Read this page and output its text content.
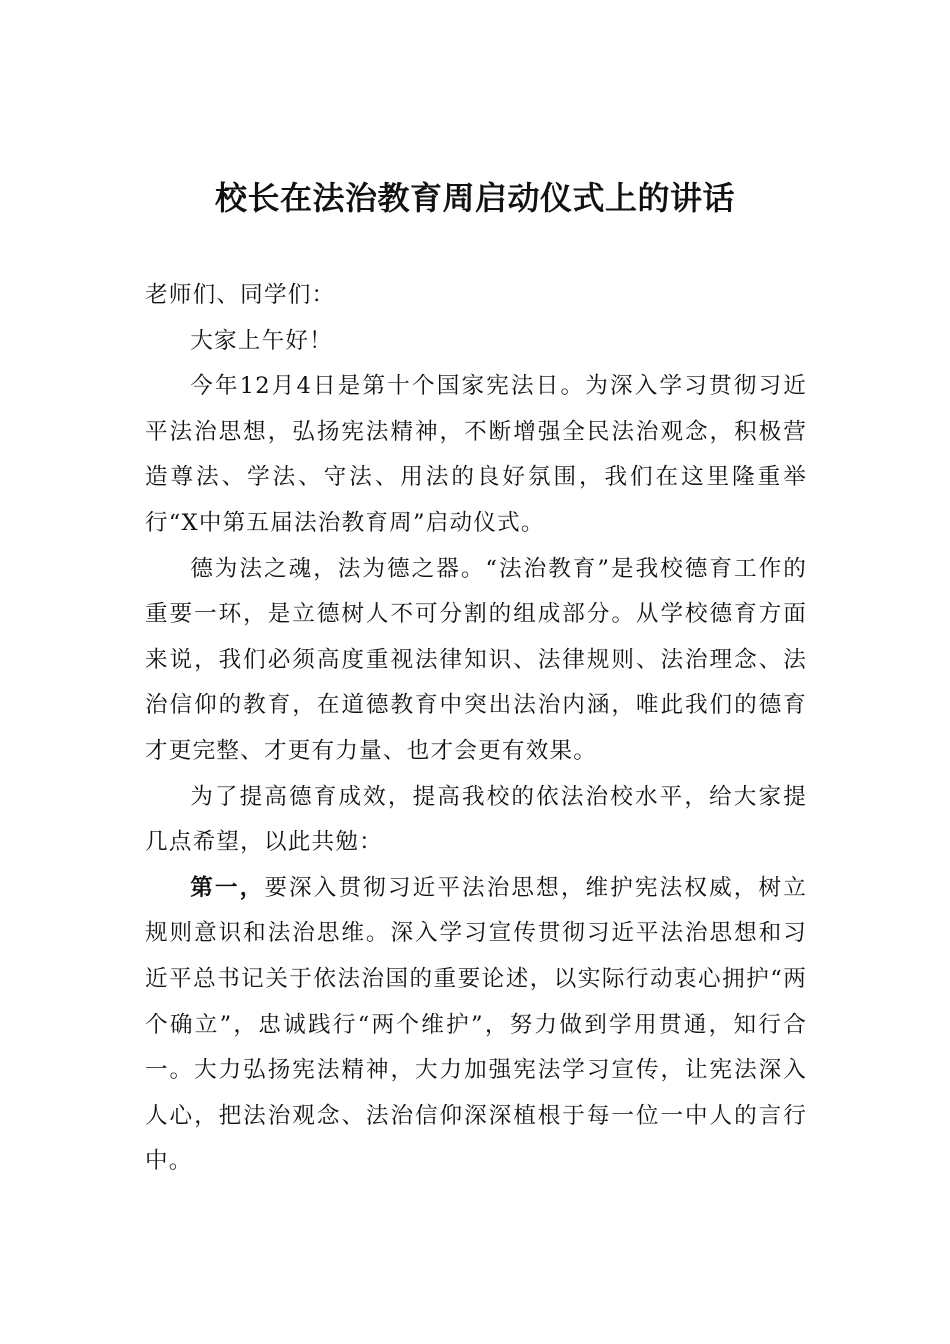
校长在法治教育周启动仪式上的讲话

老师们、同学们：

大家上午好！

今年12月4日是第十个国家宪法日。为深入学习贯彻习近平法治思想，弘扬宪法精神，不断增强全民法治观念，积极营造尊法、学法、守法、用法的良好氛围，我们在这里隆重举行“X中第五届法治教育周”启动仪式。

德为法之魂，法为德之器。“法治教育”是我校德育工作的重要一环，是立德树人不可分割的组成部分。从学校德育方面来说，我们必须高度重视法律知识、法律规则、法治理念、法治信仰的教育，在道德教育中突出法治内涵，唯此我们的德育才更完整、才更有力量、也才会更有效果。

为了提高德育成效，提高我校的依法治校水平，给大家提几点希望，以此共勉：

第一，要深入贯彻习近平法治思想，维护宪法权威，树立规则意识和法治思维。深入学习宣传贯彻习近平法治思想和习近平总书记关于依法治国的重要论述，以实际行动衷心拥护“两个确立”，忠诚践行“两个维护”，努力做到学用贯通，知行合一。大力弘扬宪法精神，大力加强宪法学习宣传，让宪法深入人心，把法治观念、法治信仰深深植根于每一位一中人的言行中。
